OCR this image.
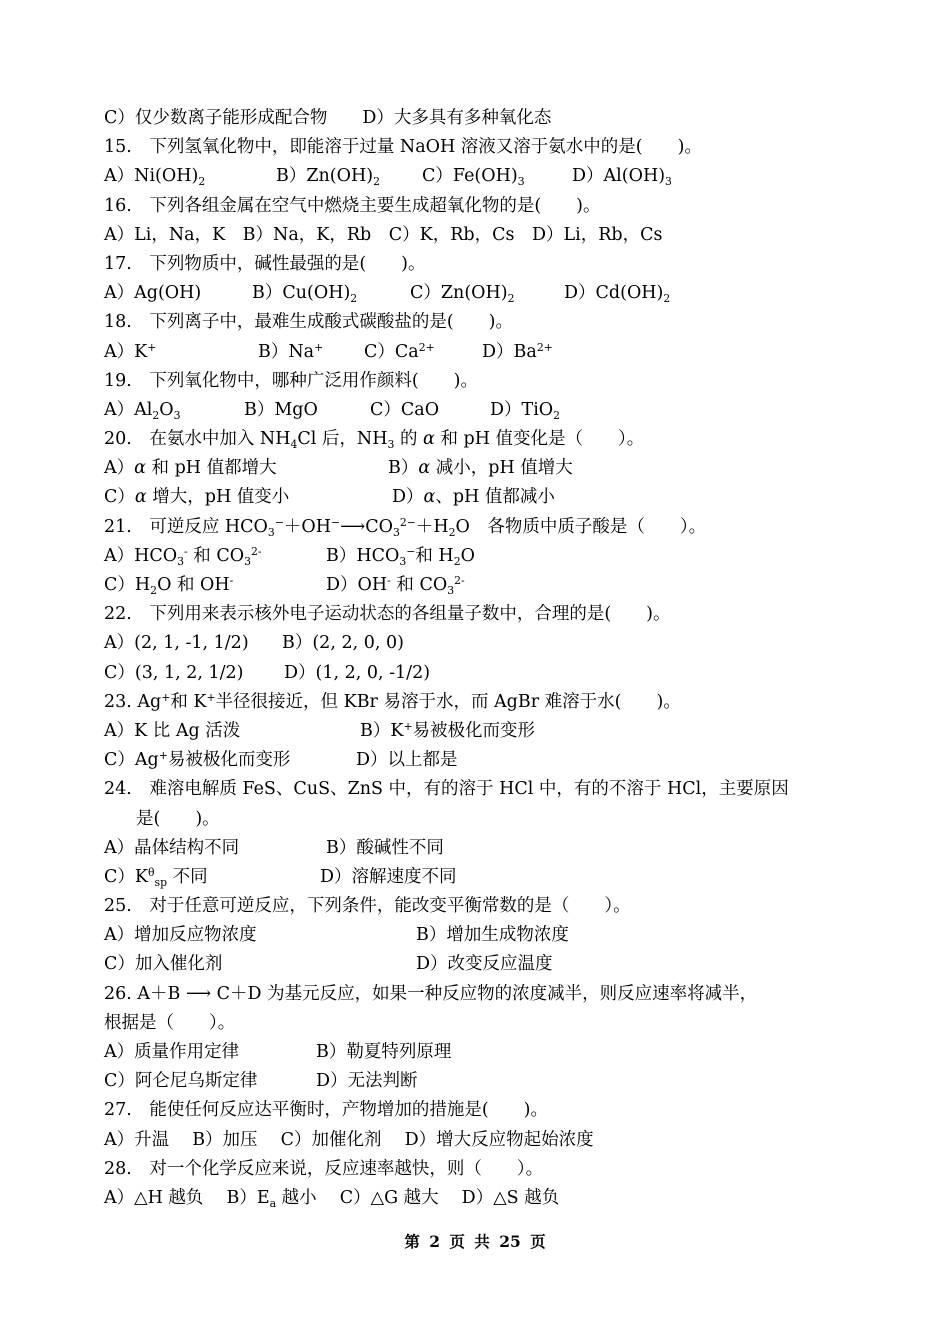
C）仅少数离子能形成配合物　　D）大多具有多种氧化态
15.　下列氢氧化物中，即能溶于过量 NaOH 溶液又溶于氨水中的是(　　)。
$A)Ni(OH)_2$	$B)Zn(OH)_2$ $C)Fe(OH)_3$	$D)Al(OH)_3$
16.　下列各组金属在空气中燃烧主要生成超氧化物的是(　　)。
A）Li，Na，K　B）Na，K，Rb　C）K，Rb，Cs　D）Li，Rb，Cs
17.　下列物质中，碱性最强的是(　　)。
A）Ag(OH)	$B)Cu(OH)_2$	$C)Zn(OH)_2$	$D)Cd(OH)_2$
18.　下列离子中，最难生成酸式碳酸盐的是(　　)。
A）K+	B）Na+ $C)Ca^{2+}$	$D)Ba^{2+}$
19.　下列氧化物中，哪种广泛用作颜料(　　)。
$A)Al_2O_3$	B）MgO	C）CaO	D）TiO$_2$
20.　在氨水中加入 $NH_4Cl$ 后，$NH_3$ 的 α 和 pH 值变化是（　　）。
A）α 和 pH 值都增大	B）α 减小，pH 值增大
C）α 增大，pH 值变小	D）α、pH 值都减小
21.　可逆反应 $HCO_3^-+OH^-⟶CO_3^{2-}+H_2O$　各物质中质子酸是（　　）。
$A)HCO_3^-$ 和 $CO_3^{2-}$	$B)HCO_3^-$和 $H_2O$
$C)H_2O$ 和 OH-	D）OH- 和 $CO_3^{2-}$
22.　下列用来表示核外电子运动状态的各组量子数中，合理的是(　　)。
A）(2, 1, -1, 1/2) B）(2, 2, 0, 0)
C）(3, 1, 2, 1/2) D）(1, 2, 0, -1/2)
23. Ag+和 K+半径很接近，但 KBr 易溶于水，而 AgBr 难溶于水(　　)。
A）K 比 Ag 活泼	B）K+易被极化而变形
C）Ag+易被极化而变形	D）以上都是
24.　难溶电解质 FeS、CuS、ZnS 中，有的溶于 HCl 中，有的不溶于 HCl，主要原因
是(　　)。
A）晶体结构不同	B）酸碱性不同
$C)K^\theta_{sp}$ 不同	D）溶解速度不同
25.　对于任意可逆反应，下列条件，能改变平衡常数的是（　　）。
A）增加反应物浓度	B）增加生成物浓度
C）加入催化剂	D）改变反应温度
26. A＋B ⟶ C＋D 为基元反应，如果一种反应物的浓度减半，则反应速率将减半，
根据是（　　）。
A）质量作用定律	B）勒夏特列原理
C）阿仑尼乌斯定律	D）无法判断
27.　能使任何反应达平衡时，产物增加的措施是(　　)。
A）升温　 B）加压　 C）加催化剂　 D）增大反应物起始浓度
28.　对一个化学反应来说，反应速率越快，则（　　）。
A）△H 越负　 $B)E_a$ 越小　 C）△G 越大　 D）△S 越负
第 2 页 共 25 页
